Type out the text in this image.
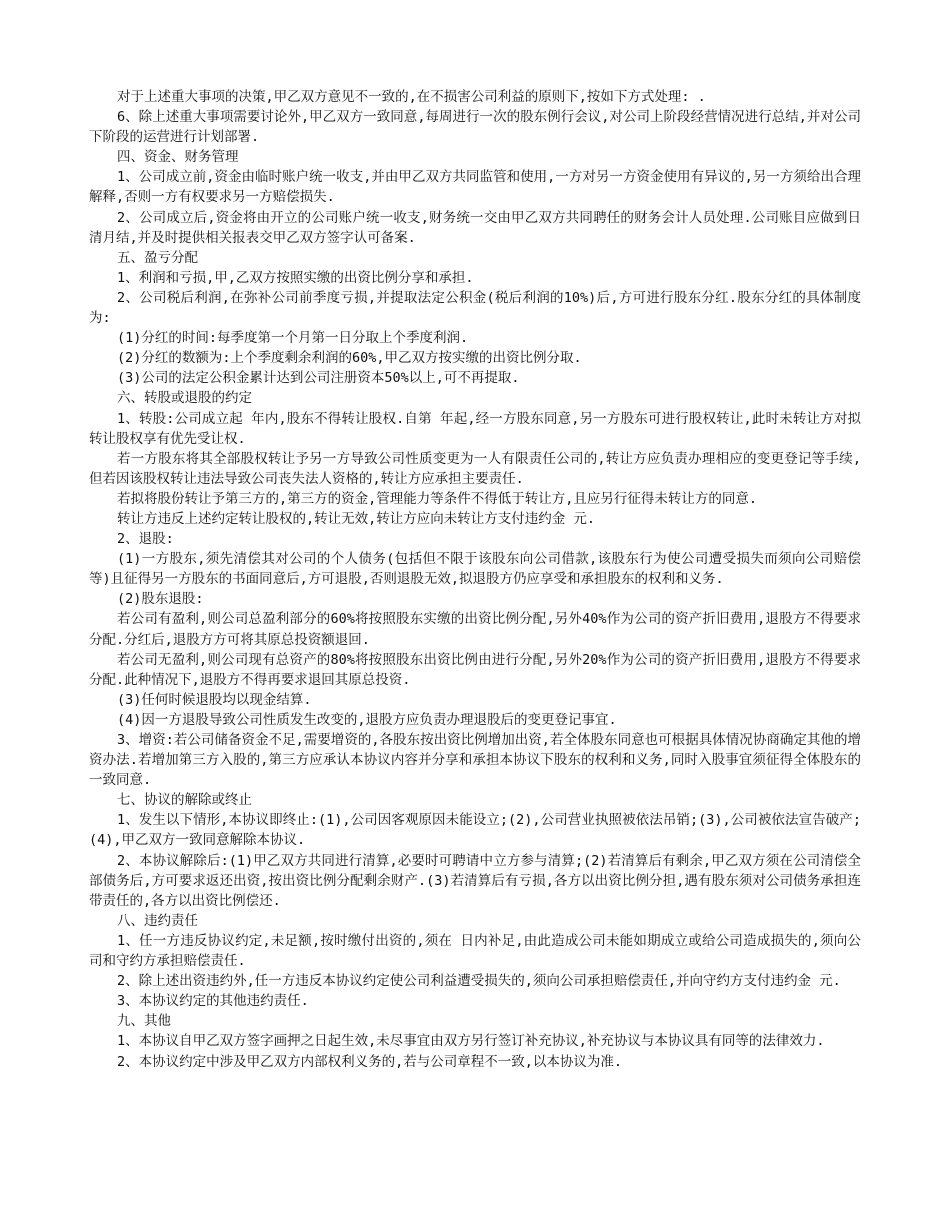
对于上述重大事项的决策,甲乙双方意见不一致的,在不损害公司利益的原则下,按如下方式处理: .

6、除上述重大事项需要讨论外,甲乙双方一致同意,每周进行一次的股东例行会议,对公司上阶段经营情况进行总结,并对公司下阶段的运营进行计划部署.

四、资金、财务管理

1、公司成立前,资金由临时账户统一收支,并由甲乙双方共同监管和使用,一方对另一方资金使用有异议的,另一方须给出合理解释,否则一方有权要求另一方赔偿损失.

2、公司成立后,资金将由开立的公司账户统一收支,财务统一交由甲乙双方共同聘任的财务会计人员处理.公司账目应做到日清月结,并及时提供相关报表交甲乙双方签字认可备案.

五、盈亏分配

1、利润和亏损,甲,乙双方按照实缴的出资比例分享和承担.

2、公司税后利润,在弥补公司前季度亏损,并提取法定公积金(税后利润的10%)后,方可进行股东分红.股东分红的具体制度为:

(1)分红的时间:每季度第一个月第一日分取上个季度利润.

(2)分红的数额为:上个季度剩余利润的60%,甲乙双方按实缴的出资比例分取.

(3)公司的法定公积金累计达到公司注册资本50%以上,可不再提取.

六、转股或退股的约定

1、转股:公司成立起 年内,股东不得转让股权.自第 年起,经一方股东同意,另一方股东可进行股权转让,此时未转让方对拟转让股权享有优先受让权.

若一方股东将其全部股权转让予另一方导致公司性质变更为一人有限责任公司的,转让方应负责办理相应的变更登记等手续,但若因该股权转让违法导致公司丧失法人资格的,转让方应承担主要责任.

若拟将股份转让予第三方的,第三方的资金,管理能力等条件不得低于转让方,且应另行征得未转让方的同意.

转让方违反上述约定转让股权的,转让无效,转让方应向未转让方支付违约金 元.

2、退股:

(1)一方股东,须先清偿其对公司的个人债务(包括但不限于该股东向公司借款,该股东行为使公司遭受损失而须向公司赔偿等)且征得另一方股东的书面同意后,方可退股,否则退股无效,拟退股方仍应享受和承担股东的权利和义务.

(2)股东退股:

若公司有盈利,则公司总盈利部分的60%将按照股东实缴的出资比例分配,另外40%作为公司的资产折旧费用,退股方不得要求分配.分红后,退股方方可将其原总投资额退回.

若公司无盈利,则公司现有总资产的80%将按照股东出资比例由进行分配,另外20%作为公司的资产折旧费用,退股方不得要求分配.此种情况下,退股方不得再要求退回其原总投资.

(3)任何时候退股均以现金结算.

(4)因一方退股导致公司性质发生改变的,退股方应负责办理退股后的变更登记事宜.

3、增资:若公司储备资金不足,需要增资的,各股东按出资比例增加出资,若全体股东同意也可根据具体情况协商确定其他的增资办法.若增加第三方入股的,第三方应承认本协议内容并分享和承担本协议下股东的权利和义务,同时入股事宜须征得全体股东的一致同意.

七、协议的解除或终止

1、发生以下情形,本协议即终止:(1),公司因客观原因未能设立;(2),公司营业执照被依法吊销;(3),公司被依法宣告破产;(4),甲乙双方一致同意解除本协议.

2、本协议解除后:(1)甲乙双方共同进行清算,必要时可聘请中立方参与清算;(2)若清算后有剩余,甲乙双方须在公司清偿全部债务后,方可要求返还出资,按出资比例分配剩余财产.(3)若清算后有亏损,各方以出资比例分担,遇有股东须对公司债务承担连带责任的,各方以出资比例偿还.

八、违约责任

1、任一方违反协议约定,未足额,按时缴付出资的,须在 日内补足,由此造成公司未能如期成立或给公司造成损失的,须向公司和守约方承担赔偿责任.

2、除上述出资违约外,任一方违反本协议约定使公司利益遭受损失的,须向公司承担赔偿责任,并向守约方支付违约金 元.

3、本协议约定的其他违约责任.

九、其他

1、本协议自甲乙双方签字画押之日起生效,未尽事宜由双方另行签订补充协议,补充协议与本协议具有同等的法律效力.

2、本协议约定中涉及甲乙双方内部权利义务的,若与公司章程不一致,以本协议为准.
